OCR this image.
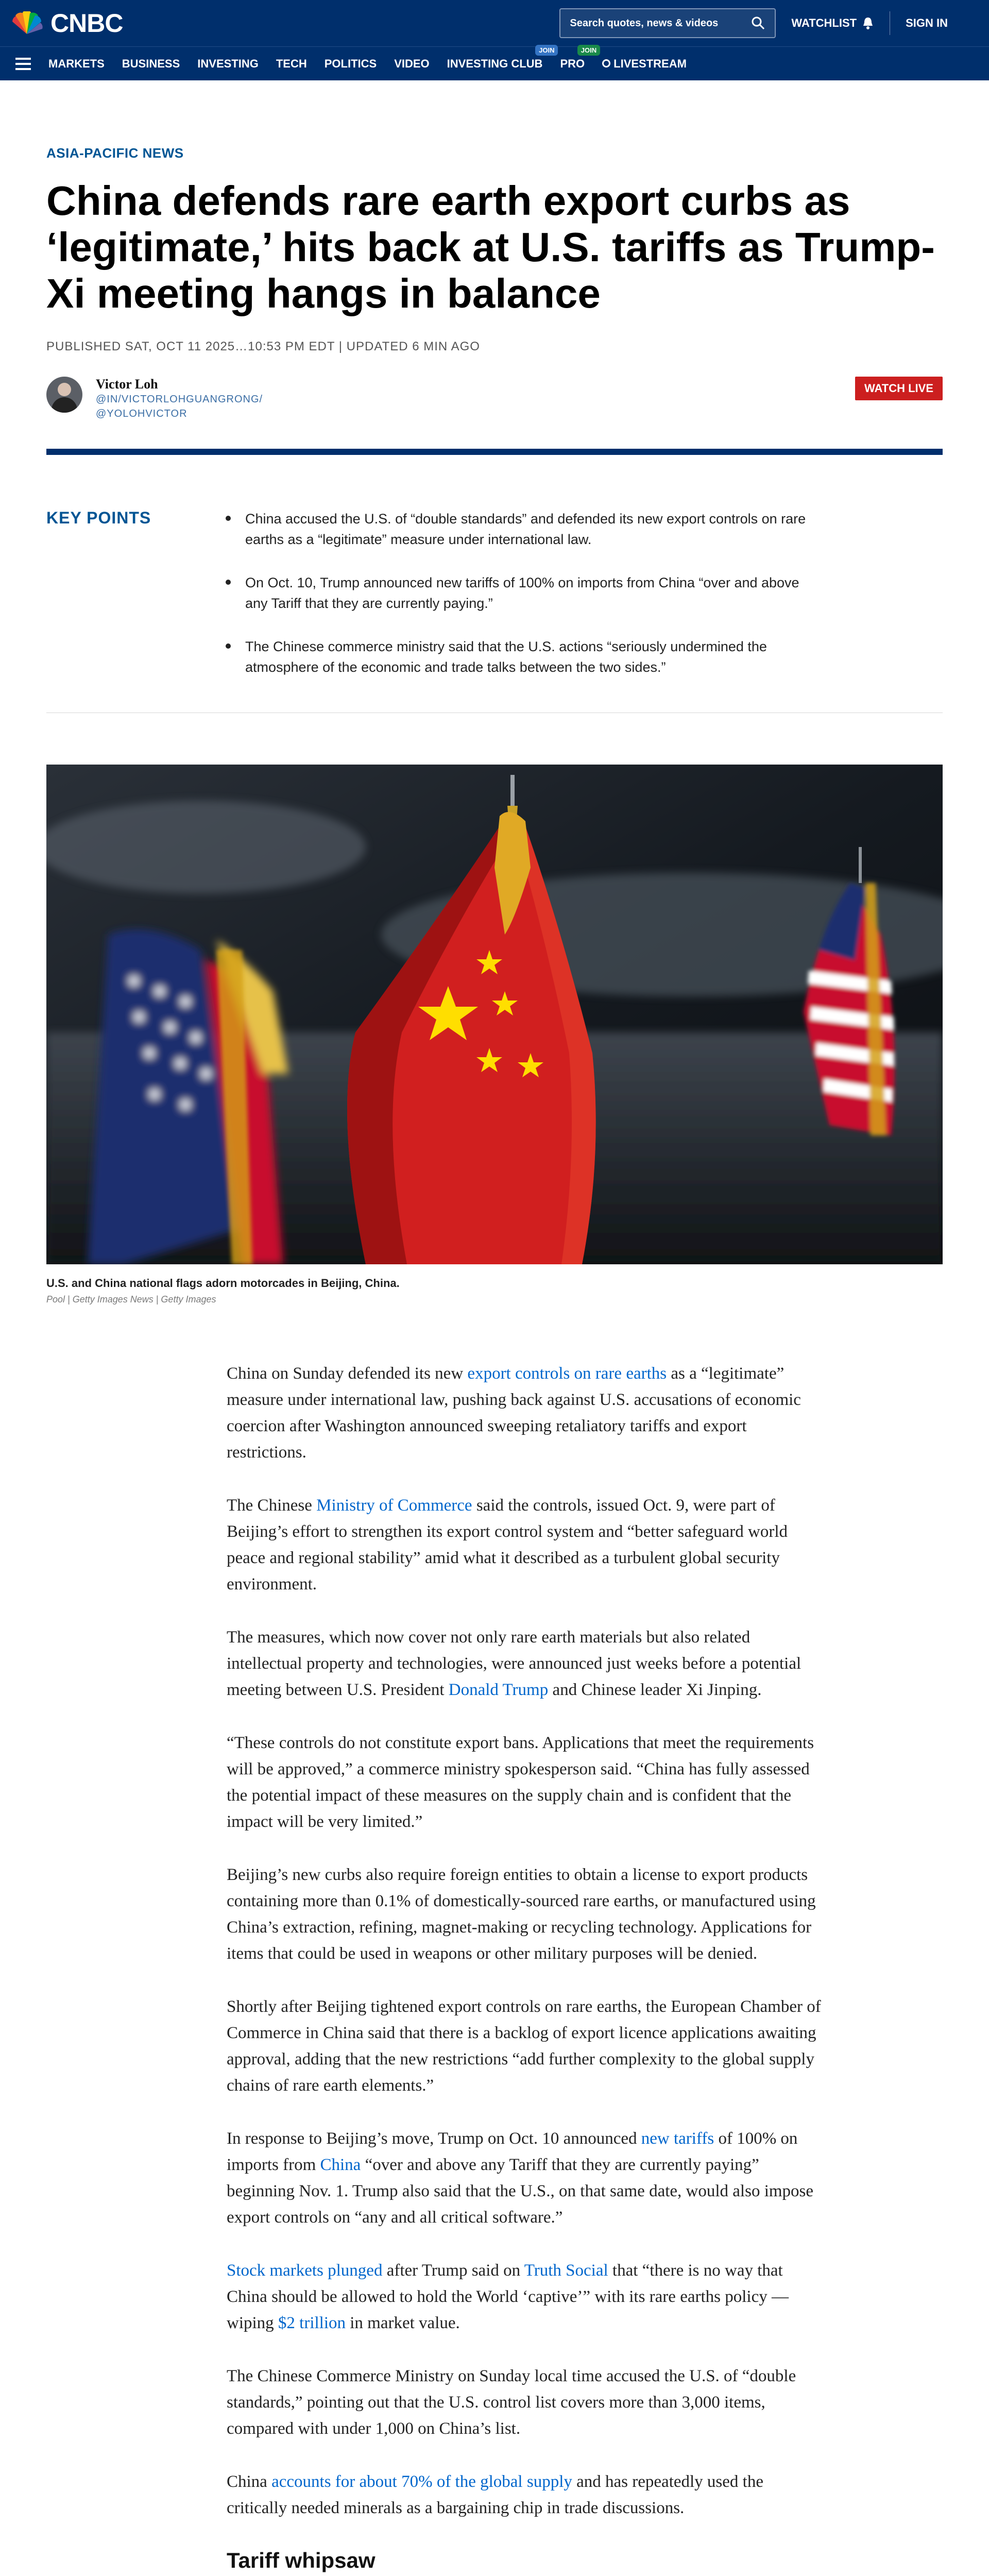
CNBC	Search quotes, news & videos	WATCHLIST	SIGN IN
MARKETS BUSINESS INVESTING TECH POLITICS VIDEO INVESTING CLUB
JOIN
PRO
JOIN
LIVESTREAM
ASIA-PACIFIC NEWS
China defends rare earth export curbs as ‘legitimate,’ hits back at U.S. tariffs as Trump-Xi meeting hangs in balance
PUBLISHED SAT, OCT 11 2025…10:53 PM EDT | UPDATED 6 MIN AGO
Victor Loh
@IN/VICTORLOHGUANGRONG/
@YOLOHVICTOR
WATCH LIVE
KEY POINTS	China accused the U.S. of “double standards” and defended its new export controls on rare earths as a “legitimate” measure under international law.
On Oct. 10, Trump announced new tariffs of 100% on imports from China “over and above any Tariff that they are currently paying.”
The Chinese commerce ministry said that the U.S. actions “seriously undermined the atmosphere of the economic and trade talks between the two sides.”
U.S. and China national flags adorn motorcades in Beijing, China.
Pool | Getty Images News | Getty Images

China on Sunday defended its new export controls on rare earths as a “legitimate” measure under international law, pushing back against U.S. accusations of economic coercion after Washington announced sweeping retaliatory tariffs and export restrictions.

The Chinese Ministry of Commerce said the controls, issued Oct. 9, were part of Beijing’s effort to strengthen its export control system and “better safeguard world peace and regional stability” amid what it described as a turbulent global security environment.

The measures, which now cover not only rare earth materials but also related intellectual property and technologies, were announced just weeks before a potential meeting between U.S. President Donald Trump and Chinese leader Xi Jinping.

“These controls do not constitute export bans. Applications that meet the requirements will be approved,” a commerce ministry spokesperson said. “China has fully assessed the potential impact of these measures on the supply chain and is confident that the impact will be very limited.”

Beijing’s new curbs also require foreign entities to obtain a license to export products containing more than 0.1% of domestically-sourced rare earths, or manufactured using China’s extraction, refining, magnet-making or recycling technology. Applications for items that could be used in weapons or other military purposes will be denied.

Shortly after Beijing tightened export controls on rare earths, the European Chamber of Commerce in China said that there is a backlog of export licence applications awaiting approval, adding that the new restrictions “add further complexity to the global supply chains of rare earth elements.”

In response to Beijing’s move, Trump on Oct. 10 announced new tariffs of 100% on imports from China “over and above any Tariff that they are currently paying” beginning Nov. 1. Trump also said that the U.S., on that same date, would also impose export controls on “any and all critical software.”

Stock markets plunged after Trump said on Truth Social that “there is no way that China should be allowed to hold the World ‘captive’” with its rare earths policy — wiping $2 trillion in market value.

The Chinese Commerce Ministry on Sunday local time accused the U.S. of “double standards,” pointing out that the U.S. control list covers more than 3,000 items, compared with under 1,000 on China’s list.

China accounts for about 70% of the global supply and has repeatedly used the critically needed minerals as a bargaining chip in trade discussions.

Tariff whipsaw
